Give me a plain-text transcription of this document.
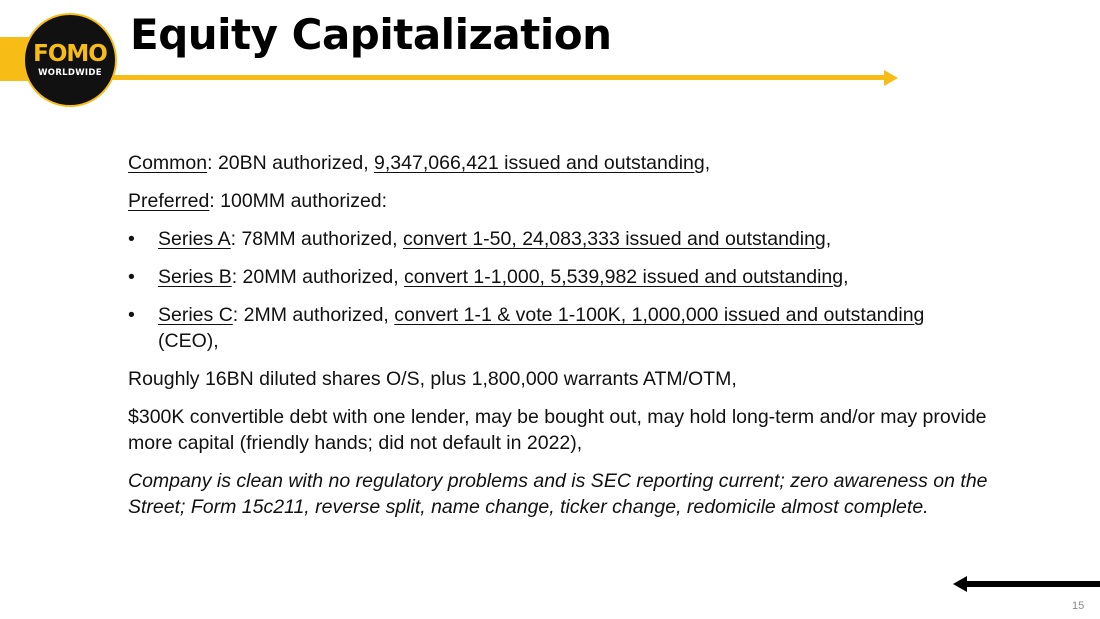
FOMO
WORLDWIDE
Equity Capitalization

Common: 20BN authorized, 9,347,066,421 issued and outstanding,

Preferred: 100MM authorized:

• Series A: 78MM authorized, convert 1-50, 24,083,333 issued and outstanding,
• Series B: 20MM authorized, convert 1-1,000, 5,539,982 issued and outstanding,
• Series C: 2MM authorized, convert 1-1 & vote 1-100K, 1,000,000 issued and outstanding (CEO),

Roughly 16BN diluted shares O/S, plus 1,800,000 warrants ATM/OTM,

$300K convertible debt with one lender, may be bought out, may hold long-term and/or may provide more capital (friendly hands; did not default in 2022),

Company is clean with no regulatory problems and is SEC reporting current; zero awareness on the Street; Form 15c211, reverse split, name change, ticker change, redomicile almost complete.

15
